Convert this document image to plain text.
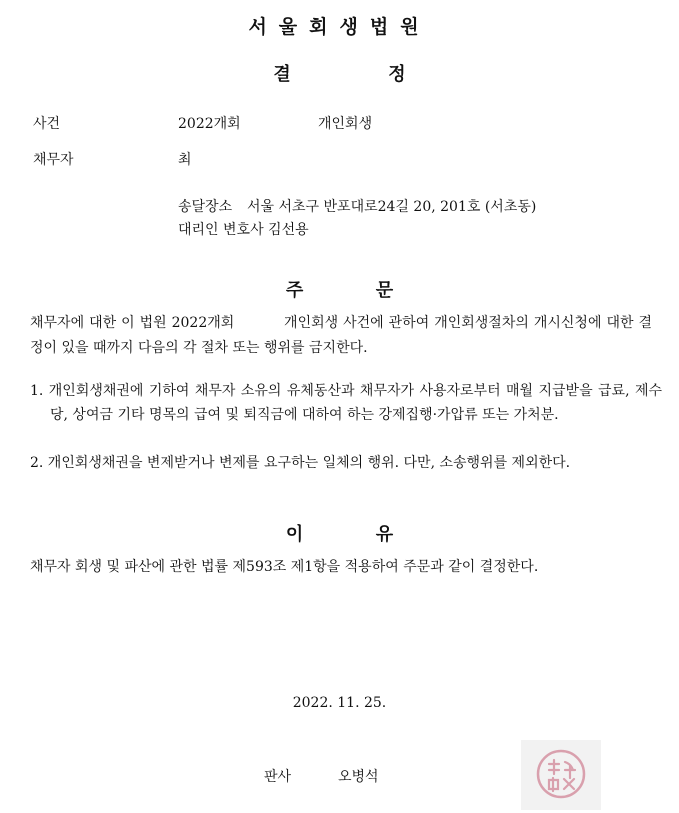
서울회생법원
결	정
사건	2022개회	개인회생
채무자	최
송달장소 서울 서초구 반포대로24길 20, 201호 (서초동)
대리인 변호사 김선용
주	문
채무자에 대한 이 법원 2022개회          개인회생 사건에 관하여 개인회생절차의 개시신청에 대한 결정이 있을 때까지 다음의 각 절차 또는 행위를 금지한다.
1. 개인회생채권에 기하여 채무자 소유의 유체동산과 채무자가 사용자로부터 매월 지급받을 급료, 제수당, 상여금 기타 명목의 급여 및 퇴직금에 대하여 하는 강제집행·가압류 또는 가처분.
2. 개인회생채권을 변제받거나 변제를 요구하는 일체의 행위. 다만, 소송행위를 제외한다.
이	유
채무자 회생 및 파산에 관한 법률 제593조 제1항을 적용하여 주문과 같이 결정한다.
2022. 11. 25.
판사	오병석
